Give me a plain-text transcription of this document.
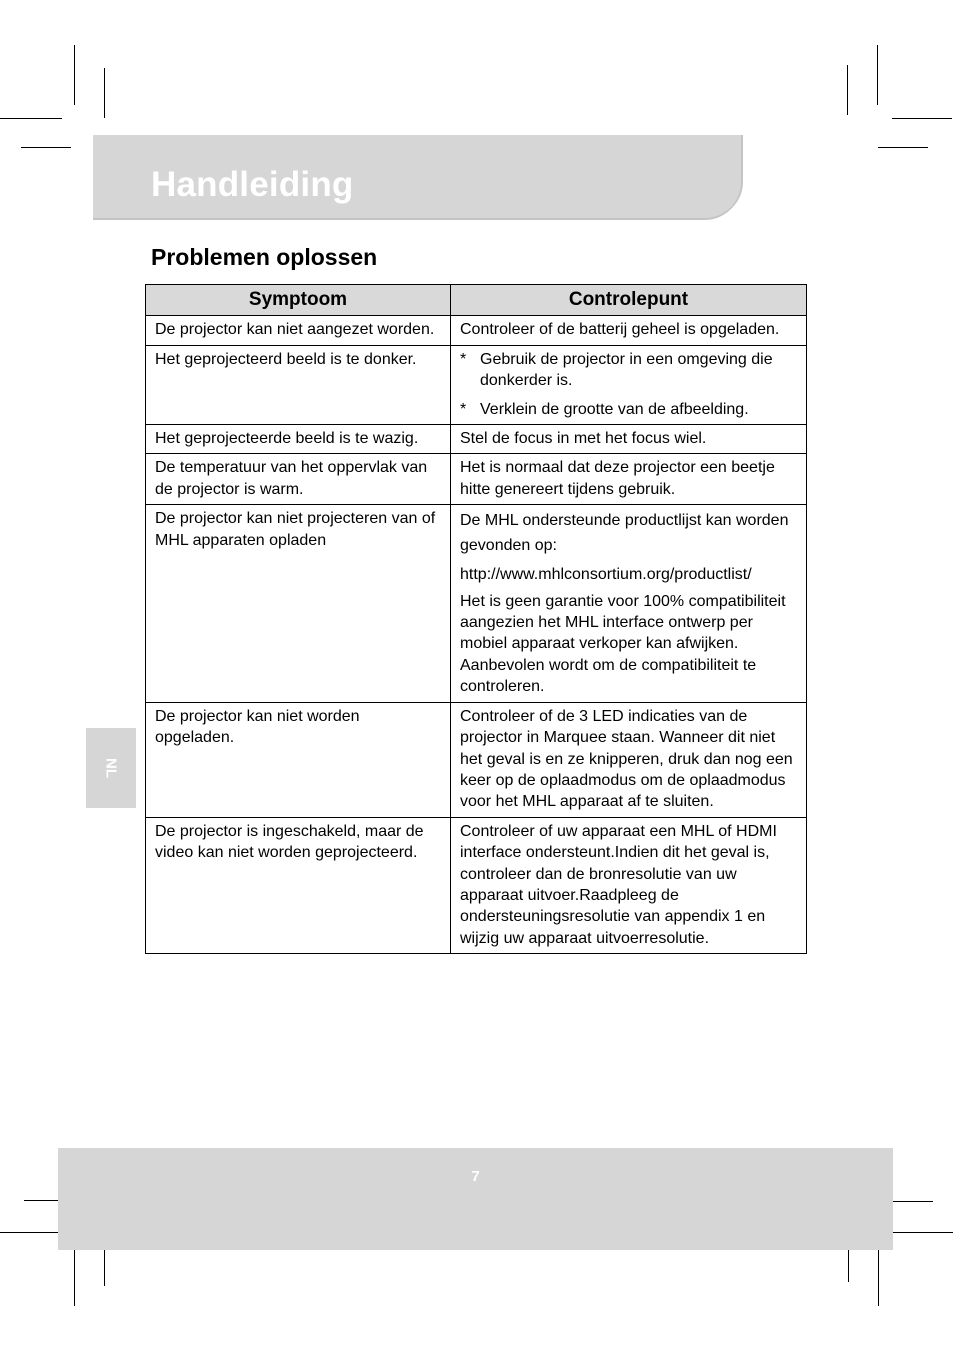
Handleiding
Problemen oplossen
Symptoom	Controlepunt
De projector kan niet aangezet worden.	Controleer of de batterij geheel is opgeladen.

Het geprojecteerd beeld is te donker.	* Gebruik de projector in een omgeving die donkerder is.
* Verklein de grootte van de afbeelding.

Het geprojecteerde beeld is te wazig.	Stel de focus in met het focus wiel.

De temperatuur van het oppervlak van de projector is warm.	Het is normaal dat deze projector een beetje hitte genereert tijdens gebruik.

De projector kan niet projecteren van of MHL apparaten opladen	De MHL ondersteunde productlijst kan worden gevonden op:

http://www.mhlconsortium.org/productlist/

Het is geen garantie voor 100% compatibiliteit aangezien het MHL interface ontwerp per mobiel apparaat verkoper kan afwijken. Aanbevolen wordt om de compatibiliteit te controleren.

De projector kan niet worden opgeladen.	Controleer of de 3 LED indicaties van de projector in Marquee staan. Wanneer dit niet het geval is en ze knipperen, druk dan nog een keer op de oplaadmodus om de oplaadmodus voor het MHL apparaat af te sluiten.

De projector is ingeschakeld, maar de video kan niet worden geprojecteerd.	Controleer of uw apparaat een MHL of HDMI interface ondersteunt.Indien dit het geval is, controleer dan de bronresolutie van uw apparaat uitvoer.Raadpleeg de ondersteuningsresolutie van appendix 1 en wijzig uw apparaat uitvoerresolutie.

NL
7
